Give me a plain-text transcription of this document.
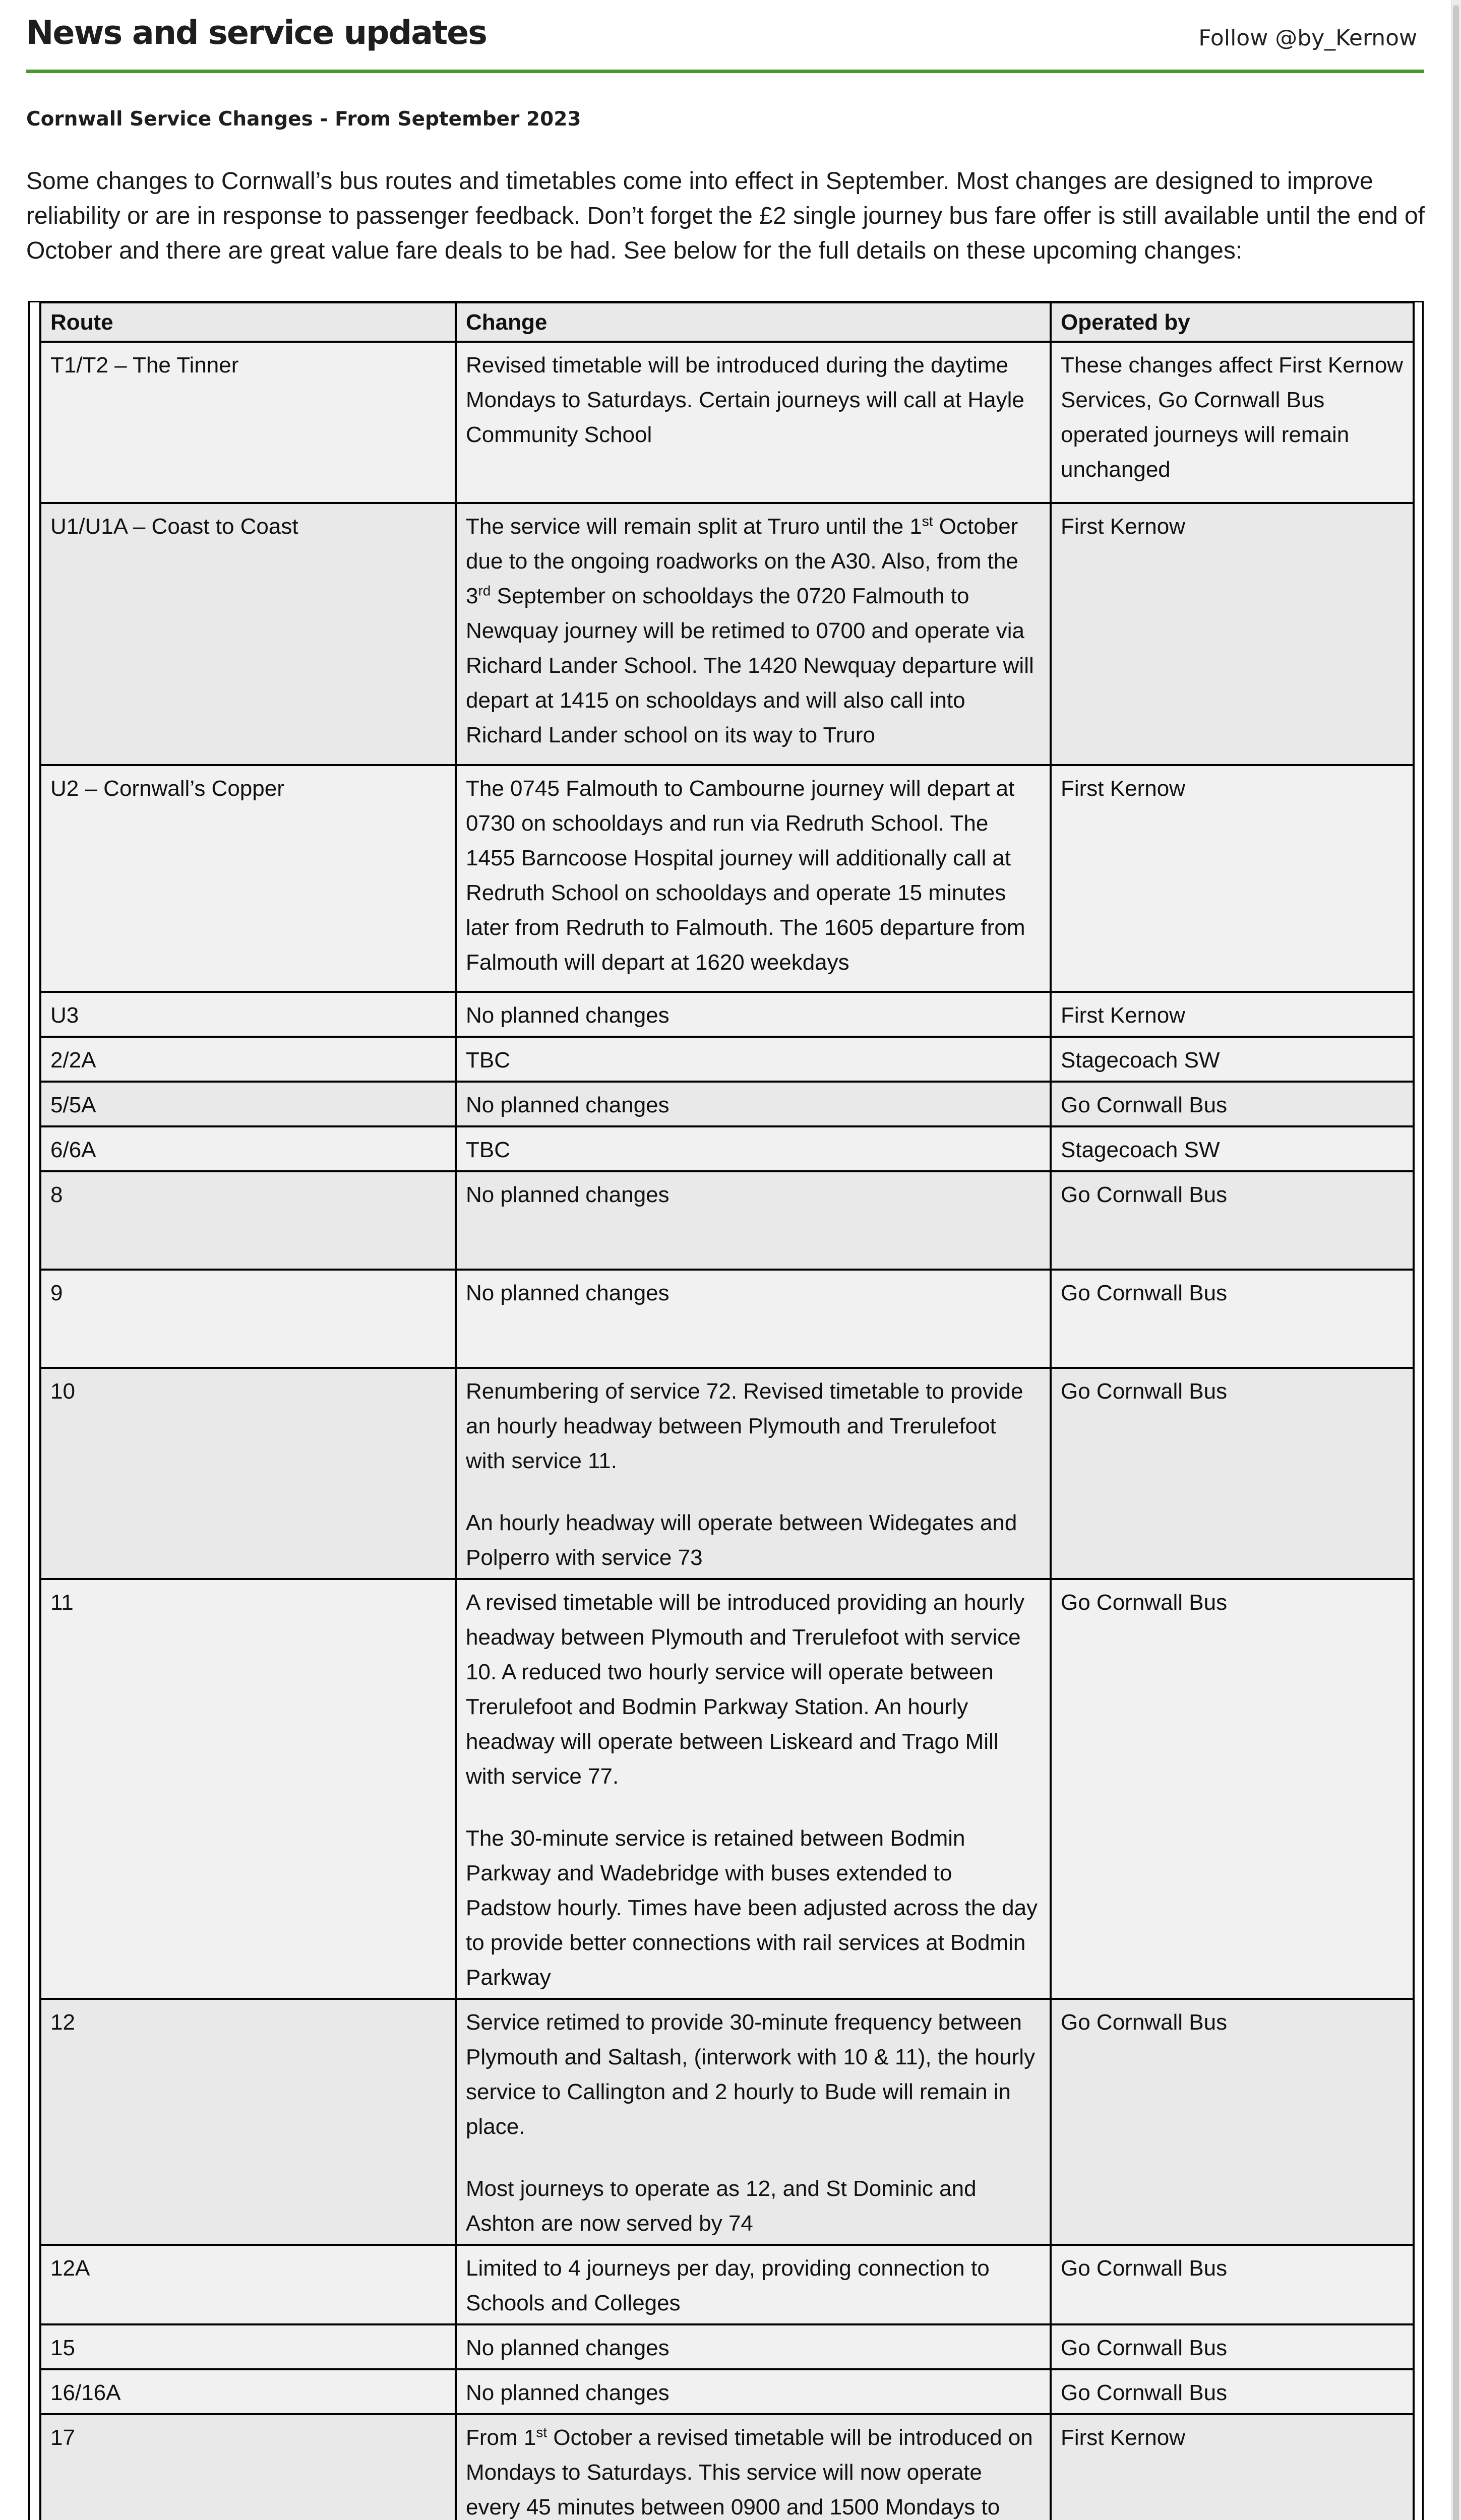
News and service updates	Follow @by_Kernow
Cornwall Service Changes - From September 2023

Some changes to Cornwall’s bus routes and timetables come into effect in September. Most changes are designed to improve reliability or are in response to passenger feedback. Don’t forget the £2 single journey bus fare offer is still available until the end of October and there are great value fare deals to be had. See below for the full details on these upcoming changes:

Route	Change	Operated by
T1/T2 – The Tinner	Revised timetable will be introduced during the daytime Mondays to Saturdays. Certain journeys will call at Hayle Community School	These changes affect First Kernow Services, Go Cornwall Bus operated journeys will remain unchanged
U1/U1A – Coast to Coast	The service will remain split at Truro until the 1st October due to the ongoing roadworks on the A30. Also, from the 3rd September on schooldays the 0720 Falmouth to Newquay journey will be retimed to 0700 and operate via Richard Lander School. The 1420 Newquay departure will depart at 1415 on schooldays and will also call into Richard Lander school on its way to Truro	First Kernow
U2 – Cornwall’s Copper	The 0745 Falmouth to Cambourne journey will depart at 0730 on schooldays and run via Redruth School. The 1455 Barncoose Hospital journey will additionally call at Redruth School on schooldays and operate 15 minutes later from Redruth to Falmouth. The 1605 departure from Falmouth will depart at 1620 weekdays	First Kernow
U3	No planned changes	First Kernow
2/2A	TBC	Stagecoach SW
5/5A	No planned changes	Go Cornwall Bus
6/6A	TBC	Stagecoach SW
8	No planned changes	Go Cornwall Bus
9	No planned changes	Go Cornwall Bus
10	Renumbering of service 72. Revised timetable to provide an hourly headway between Plymouth and Trerulefoot with service 11.
An hourly headway will operate between Widegates and Polperro with service 73	Go Cornwall Bus
11	A revised timetable will be introduced providing an hourly headway between Plymouth and Trerulefoot with service 10. A reduced two hourly service will operate between Trerulefoot and Bodmin Parkway Station. An hourly headway will operate between Liskeard and Trago Mill with service 77.
The 30-minute service is retained between Bodmin Parkway and Wadebridge with buses extended to Padstow hourly. Times have been adjusted across the day to provide better connections with rail services at Bodmin Parkway	Go Cornwall Bus
12	Service retimed to provide 30-minute frequency between Plymouth and Saltash, (interwork with 10 & 11), the hourly service to Callington and 2 hourly to Bude will remain in place.
Most journeys to operate as 12, and St Dominic and Ashton are now served by 74	Go Cornwall Bus
12A	Limited to 4 journeys per day, providing connection to Schools and Colleges	Go Cornwall Bus
15	No planned changes	Go Cornwall Bus
16/16A	No planned changes	Go Cornwall Bus
17	From 1st October a revised timetable will be introduced on Mondays to Saturdays. This service will now operate every 45 minutes between 0900 and 1500 Mondays to	First Kernow
